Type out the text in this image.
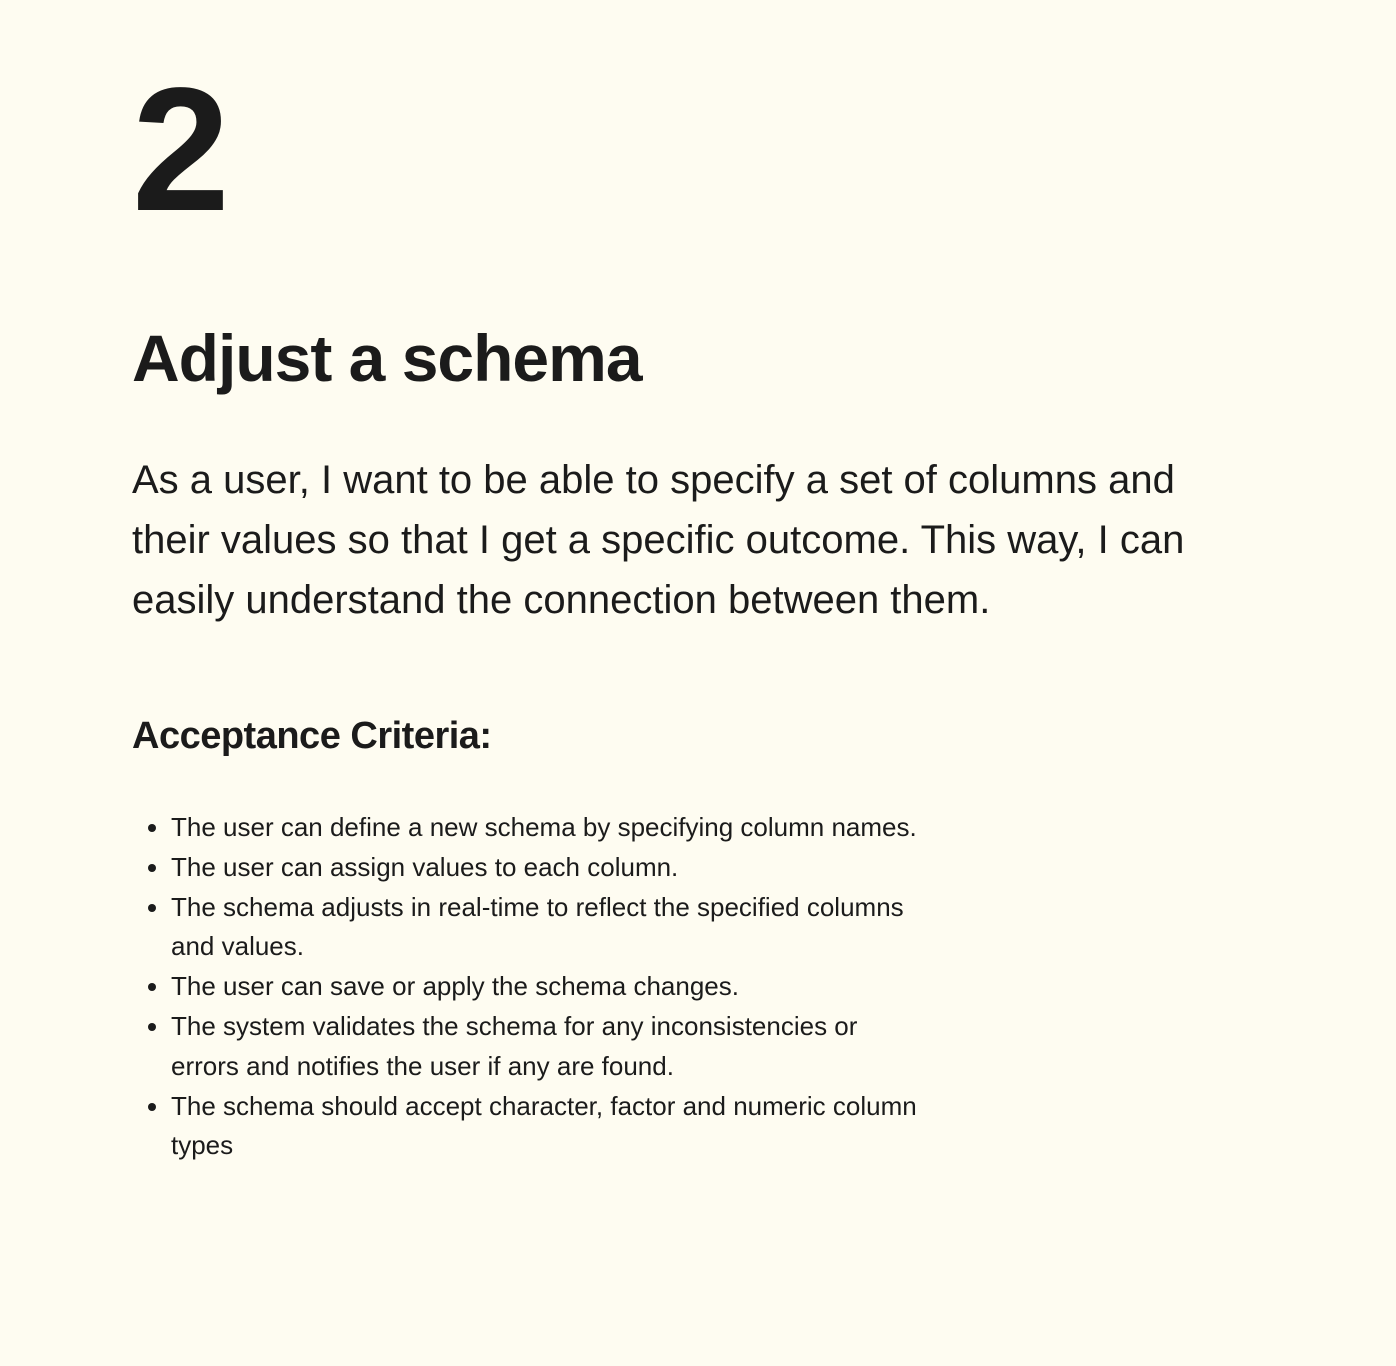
2
Adjust a schema

As a user, I want to be able to specify a set of columns and their values so that I get a specific outcome. This way, I can easily understand the connection between them.

Acceptance Criteria:
• The user can define a new schema by specifying column names.
• The user can assign values to each column.
• The schema adjusts in real-time to reflect the specified columns and values.
• The user can save or apply the schema changes.
• The system validates the schema for any inconsistencies or errors and notifies the user if any are found.
• The schema should accept character, factor and numeric column types
